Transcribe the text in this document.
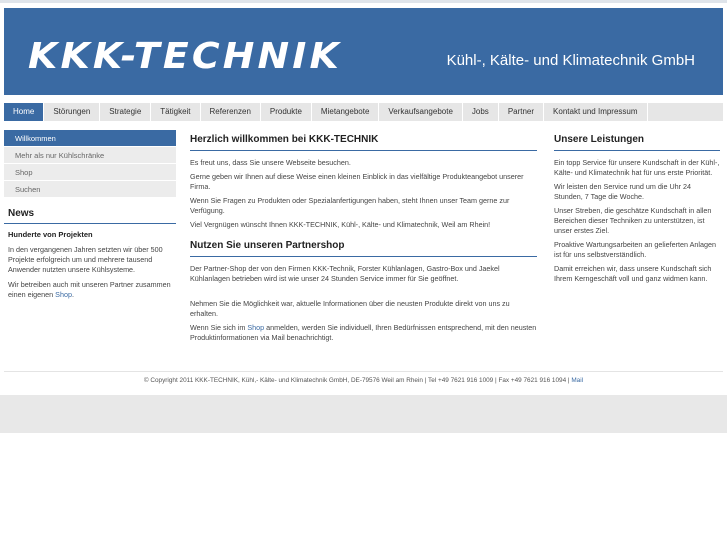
KKK-TECHNIK	Kühl-, Kälte- und Klimatechnik GmbH
Home	Störungen	Strategie	Tätigkeit	Referenzen	Produkte	Mietangebote	Verkaufsangebote	Jobs	Partner	Kontakt und Impressum
Willkommen
Mehr als nur Kühlschränke
Shop
Suchen
News
Hunderte von Projekten

In den vergangenen Jahren setzten wir über 500 Projekte erfolgreich um und mehrere tausend Anwender nutzten unsere Kühlsysteme.

Wir betreiben auch mit unseren Partner zusammen einen eigenen Shop.

Herzlich willkommen bei KKK-TECHNIK

Es freut uns, dass Sie unsere Webseite besuchen.

Gerne geben wir Ihnen auf diese Weise einen kleinen Einblick in das vielfältige Produkteangebot unserer Firma.

Wenn Sie Fragen zu Produkten oder Spezialanfertigungen haben, steht Ihnen unser Team gerne zur Verfügung.

Viel Vergnügen wünscht Ihnen KKK-TECHNIK, Kühl-, Kälte- und Klimatechnik, Weil am Rhein!

Nutzen Sie unseren Partnershop

Der Partner-Shop der von den Firmen KKK-Technik, Forster Kühlanlagen, Gastro-Box und Jaekel Kühlanlagen betrieben wird ist wie unser 24 Stunden Service immer für Sie geöffnet.

Nehmen Sie die Möglichkeit war, aktuelle Informationen über die neusten Produkte direkt von uns zu erhalten.

Wenn Sie sich im Shop anmelden, werden Sie individuell, Ihren Bedürfnissen entsprechend, mit den neusten Produktinformationen via Mail benachrichtigt.

Unsere Leistungen

Ein topp Service für unsere Kundschaft in der Kühl-, Kälte- und Klimatechnik hat für uns erste Priorität.

Wir leisten den Service rund um die Uhr 24 Stunden, 7 Tage die Woche.

Unser Streben, die geschätze Kundschaft in allen Bereichen dieser Techniken zu unterstützen, ist unser erstes Ziel.

Proaktive Wartungsarbeiten an gelieferten Anlagen ist für uns selbstverständlich.

Damit erreichen wir, dass unsere Kundschaft sich Ihrem Kerngeschäft voll und ganz widmen kann.

© Copyright 2011 KKK-TECHNIK, Kühl,- Kälte- und Klimatechnik GmbH, DE-79576 Weil am Rhein | Tel +49 7621 916 1009 | Fax +49 7621 916 1094 | Mail
